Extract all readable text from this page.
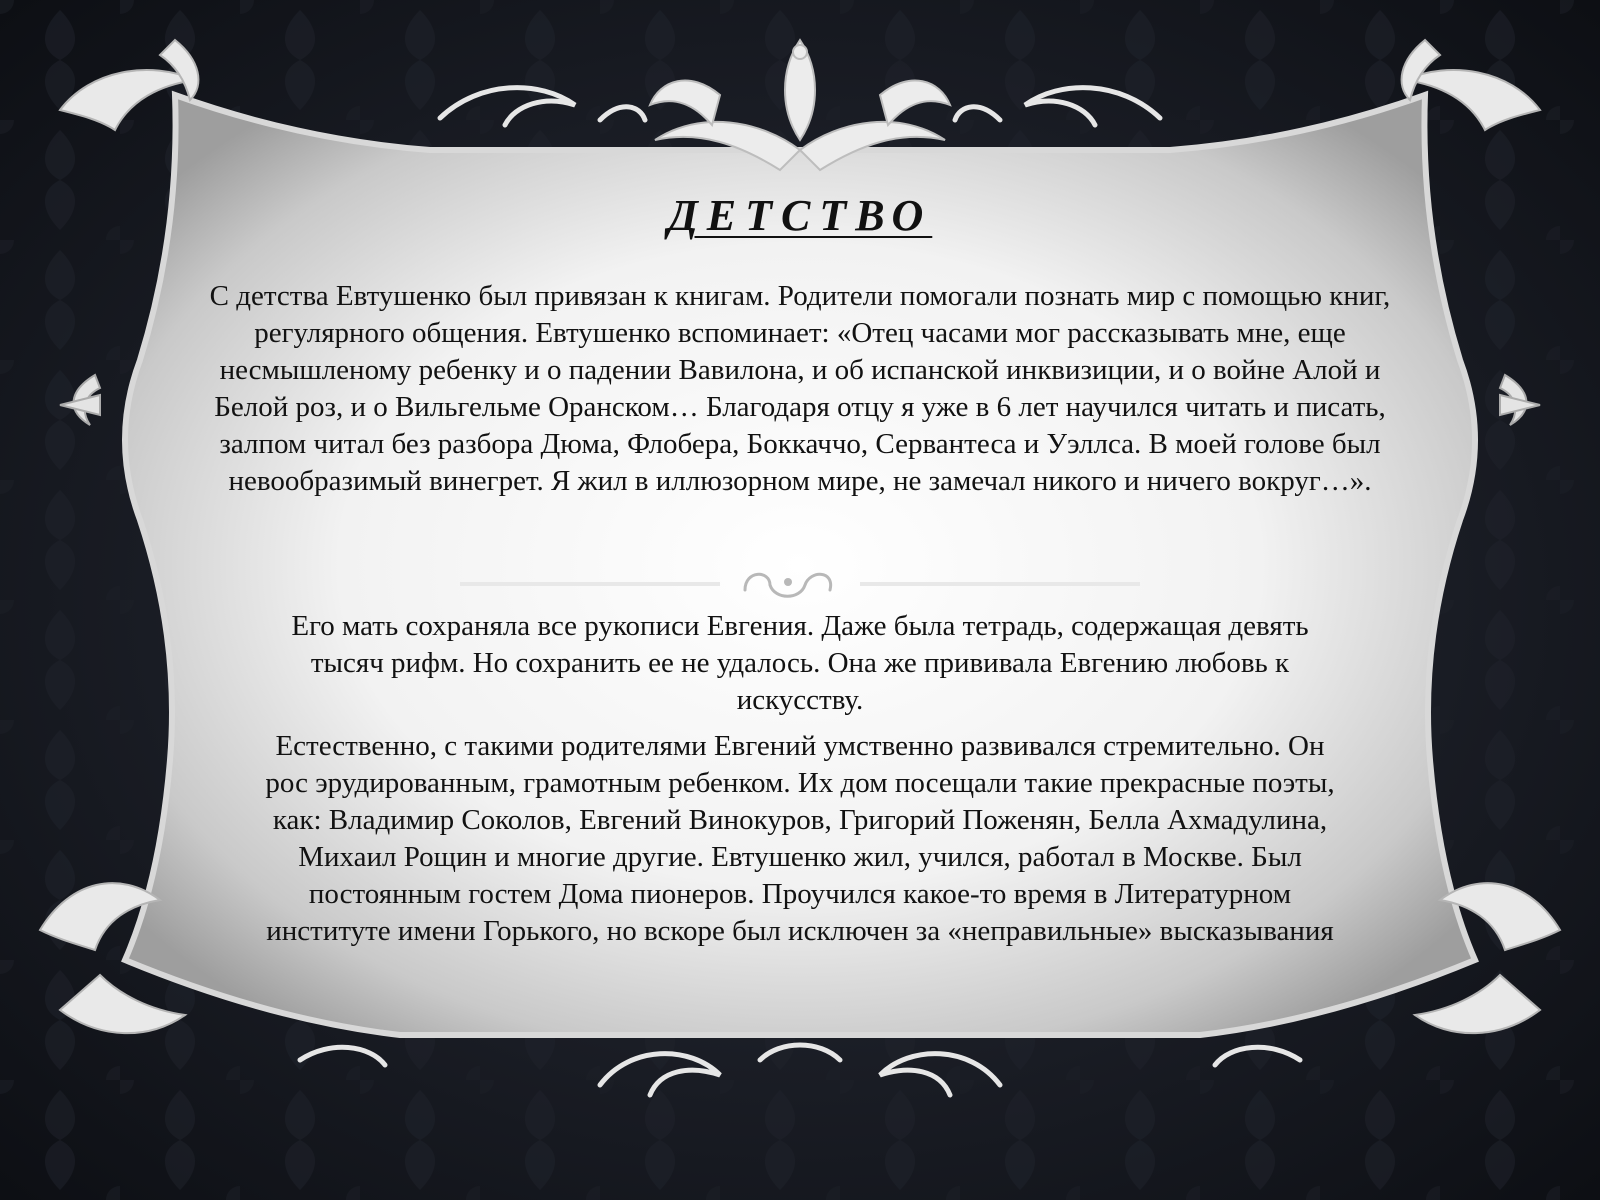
ДЕТСТВО
С детства Евтушенко был привязан к книгам. Родители помогали познать мир с помощью книг, регулярного общения. Евтушенко вспоминает: «Отец часами мог рассказывать мне, еще несмышленому ребенку и о падении Вавилона, и об испанской инквизиции, и о войне Алой и Белой роз, и о Вильгельме Оранском… Благодаря отцу я уже в 6 лет научился читать и писать, залпом читал без разбора Дюма, Флобера, Боккаччо, Сервантеса и Уэллса. В моей голове был невообразимый винегрет. Я жил в иллюзорном мире, не замечал никого и ничего вокруг…».
Его мать сохраняла все рукописи Евгения. Даже была тетрадь, содержащая девять тысяч рифм. Но сохранить ее не удалось. Она же прививала Евгению любовь к искусству.
Естественно, с такими родителями Евгений умственно развивался стремительно. Он рос эрудированным, грамотным ребенком. Их дом посещали такие прекрасные поэты, как: Владимир Соколов, Евгений Винокуров, Григорий Поженян, Белла Ахмадулина, Михаил Рощин и многие другие. Евтушенко жил, учился, работал в Москве. Был постоянным гостем Дома пионеров. Проучился какое-то время в Литературном институте имени Горького, но вскоре был исключен за «неправильные» высказывания
